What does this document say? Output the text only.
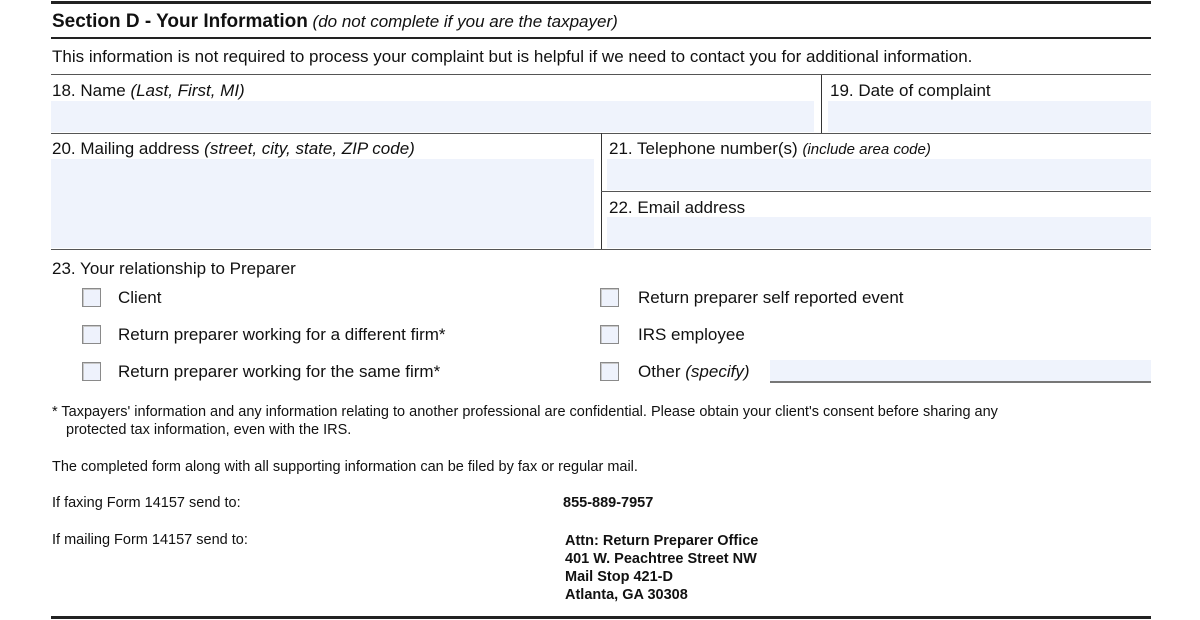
Section D - Your Information (do not complete if you are the taxpayer)
This information is not required to process your complaint but is helpful if we need to contact you for additional information.
18. Name (Last, First, MI)	19. Date of complaint
20. Mailing address (street, city, state, ZIP code)	21. Telephone number(s) (include area code)
22. Email address
23. Your relationship to Preparer
Client
Return preparer working for a different firm*
Return preparer working for the same firm*
Return preparer self reported event
IRS employee
Other (specify)
* Taxpayers' information and any information relating to another professional are confidential. Please obtain your client's consent before sharing any
protected tax information, even with the IRS.
The completed form along with all supporting information can be filed by fax or regular mail.
If faxing Form 14157 send to:	855-889-7957
If mailing Form 14157 send to:	Attn: Return Preparer Office
401 W. Peachtree Street NW
Mail Stop 421-D
Atlanta, GA 30308
